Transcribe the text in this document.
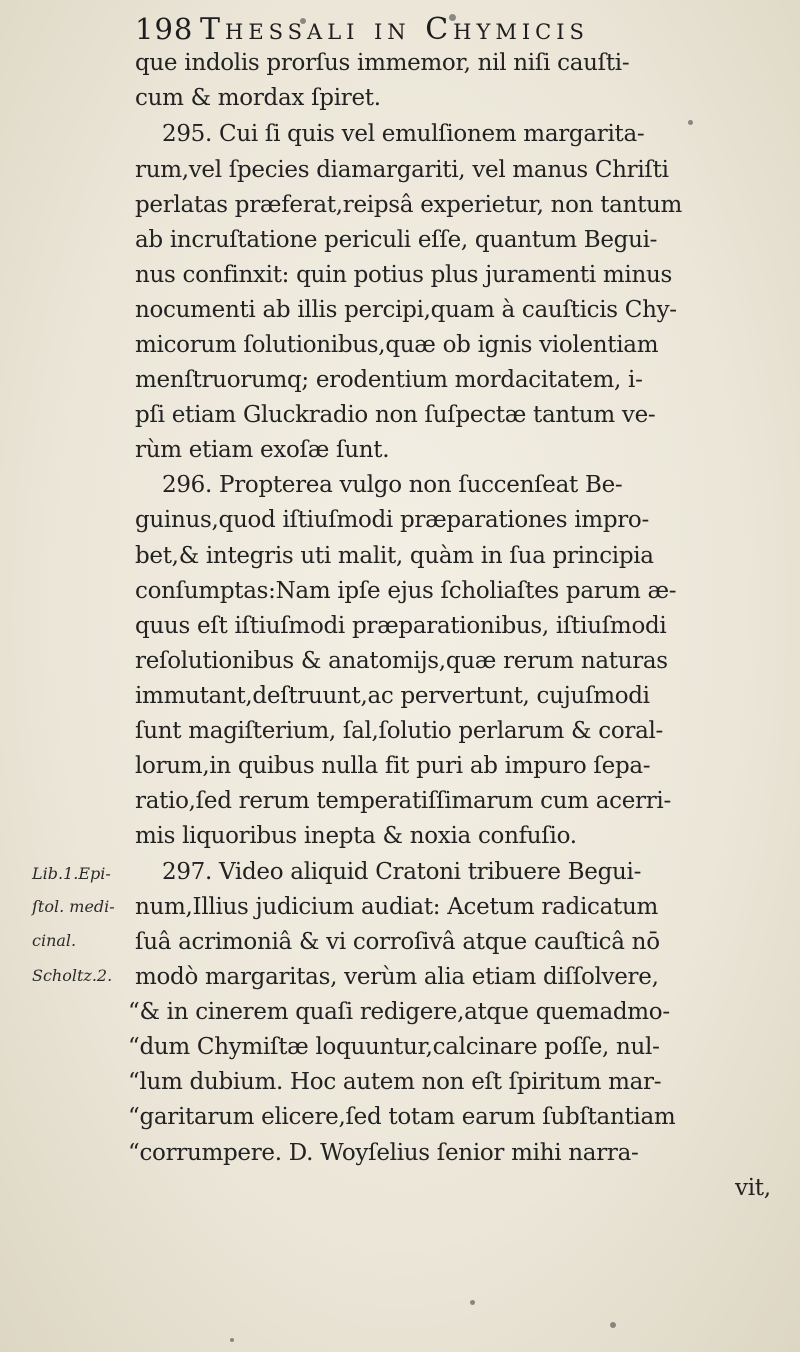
198 Thessali in Chymicis
que indolis prorſus immemor, nil niſi cauſti-
cum & mordax ſpiret.
295. Cui ſi quis vel emulſionem margarita-
rum,vel ſpecies diamargariti, vel manus Chriſti
perlatas præferat,reipsâ experietur, non tantum
ab incruſtatione periculi eſſe, quantum Begui-
nus confinxit: quin potius plus juramenti minus
nocumenti ab illis percipi,quam à cauſticis Chy-
micorum ſolutionibus,quæ ob ignis violentiam
menſtruorumq; erodentium mordacitatem, i-
pſi etiam Gluckradio non ſuſpectæ tantum ve-
rùm etiam exoſæ ſunt.
296. Propterea vulgo non ſuccenſeat Be-
guinus,quod iſtiuſmodi præparationes impro-
bet,& integris uti malit, quàm in ſua principia
conſumptas:Nam ipſe ejus ſcholiaſtes parum æ-
quus eſt iſtiuſmodi præparationibus, iſtiuſmodi
reſolutionibus & anatomijs,quæ rerum naturas
immutant,deſtruunt,ac pervertunt, cujuſmodi
ſunt magiſterium, ſal,ſolutio perlarum & coral-
lorum,in quibus nulla fit puri ab impuro ſepa-
ratio,ſed rerum temperatiſſimarum cum acerri-
mis liquoribus inepta & noxia confuſio.
297. Video aliquid Cratoni tribuere Begui-
num,Illius judicium audiat: Acetum radicatum
ſuâ acrimoniâ & vi corroſivâ atque cauſticâ nō
modò margaritas, verùm alia etiam diſſolvere,
“& in cinerem quaſi redigere,atque quemadmo-
“dum Chymiſtæ loquuntur,calcinare poſſe, nul-
“lum dubium. Hoc autem non eſt ſpiritum mar-
“garitarum elicere,ſed totam earum ſubſtantiam
“corrumpere. D. Woyſelius ſenior mihi narra-
vit,
Lib.1.Epi-
ſtol. medi-
cinal.
Scholtz.2.
